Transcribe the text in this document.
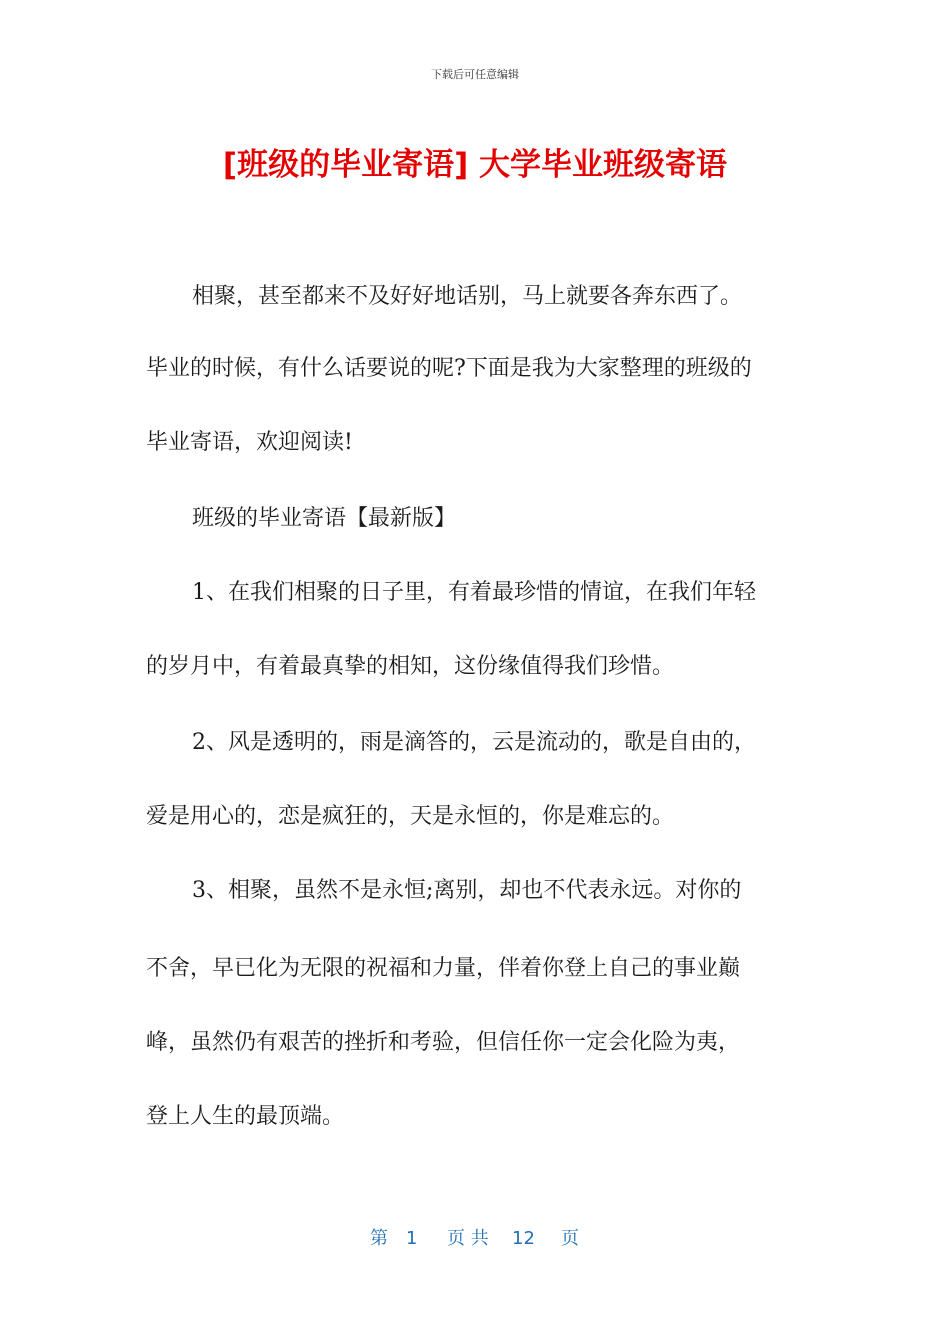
下载后可任意编辑
[班级的毕业寄语] 大学毕业班级寄语

相聚，甚至都来不及好好地话别，马上就要各奔东西了。

毕业的时候，有什么话要说的呢?下面是我为大家整理的班级的

毕业寄语，欢迎阅读!

班级的毕业寄语【最新版】

1、在我们相聚的日子里，有着最珍惜的情谊，在我们年轻

的岁月中，有着最真挚的相知，这份缘值得我们珍惜。

2、风是透明的，雨是滴答的，云是流动的，歌是自由的，

爱是用心的，恋是疯狂的，天是永恒的，你是难忘的。

3、相聚，虽然不是永恒;离别，却也不代表永远。对你的

不舍，早已化为无限的祝福和力量，伴着你登上自己的事业巅

峰，虽然仍有艰苦的挫折和考验，但信任你一定会化险为夷，

登上人生的最顶端。

第 1 页 共 12 页
